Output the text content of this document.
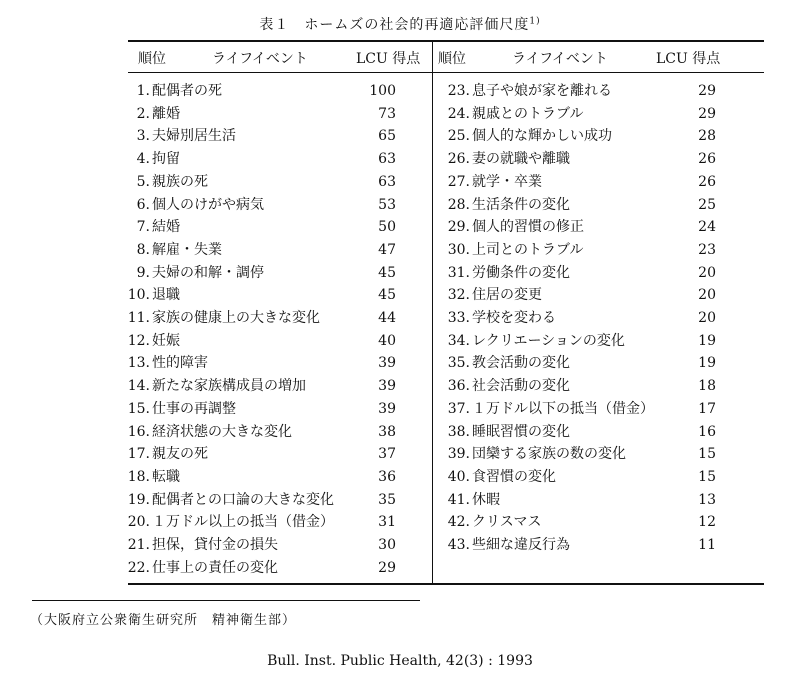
表１　ホームズの社会的再適応評価尺度$^{1)}$
順位	ライフイベント	LCU 得点 順位	ライフイベント	LCU 得点
1. 配偶者の死	100
2. 離婚	73
3. 夫婦別居生活	65
4. 拘留	63
5. 親族の死	63
6. 個人のけがや病気	53
7. 結婚	50
8. 解雇・失業	47
9. 夫婦の和解・調停	45
10. 退職	45
11. 家族の健康上の大きな変化	44
12. 妊娠	40
13. 性的障害	39
14. 新たな家族構成員の増加	39
15. 仕事の再調整	39
16. 経済状態の大きな変化	38
17. 親友の死	37
18. 転職	36
19. 配偶者との口論の大きな変化	35
20. １万ドル以上の抵当（借金）	31
21. 担保，貸付金の損失	30
22. 仕事上の責任の変化	29
23. 息子や娘が家を離れる	29
24. 親戚とのトラブル	29
25. 個人的な輝かしい成功	28
26. 妻の就職や離職	26
27. 就学・卒業	26
28. 生活条件の変化	25
29. 個人的習慣の修正	24
30. 上司とのトラブル	23
31. 労働条件の変化	20
32. 住居の変更	20
33. 学校を変わる	20
34. レクリエーションの変化	19
35. 教会活動の変化	19
36. 社会活動の変化	18
37. １万ドル以下の抵当（借金）	17
38. 睡眠習慣の変化	16
39. 団欒する家族の数の変化	15
40. 食習慣の変化	15
41. 休暇	13
42. クリスマス	12
43. 些細な違反行為	11
（大阪府立公衆衛生研究所　精神衛生部）
Bull. Inst. Public Health, 42(3) : 1993
